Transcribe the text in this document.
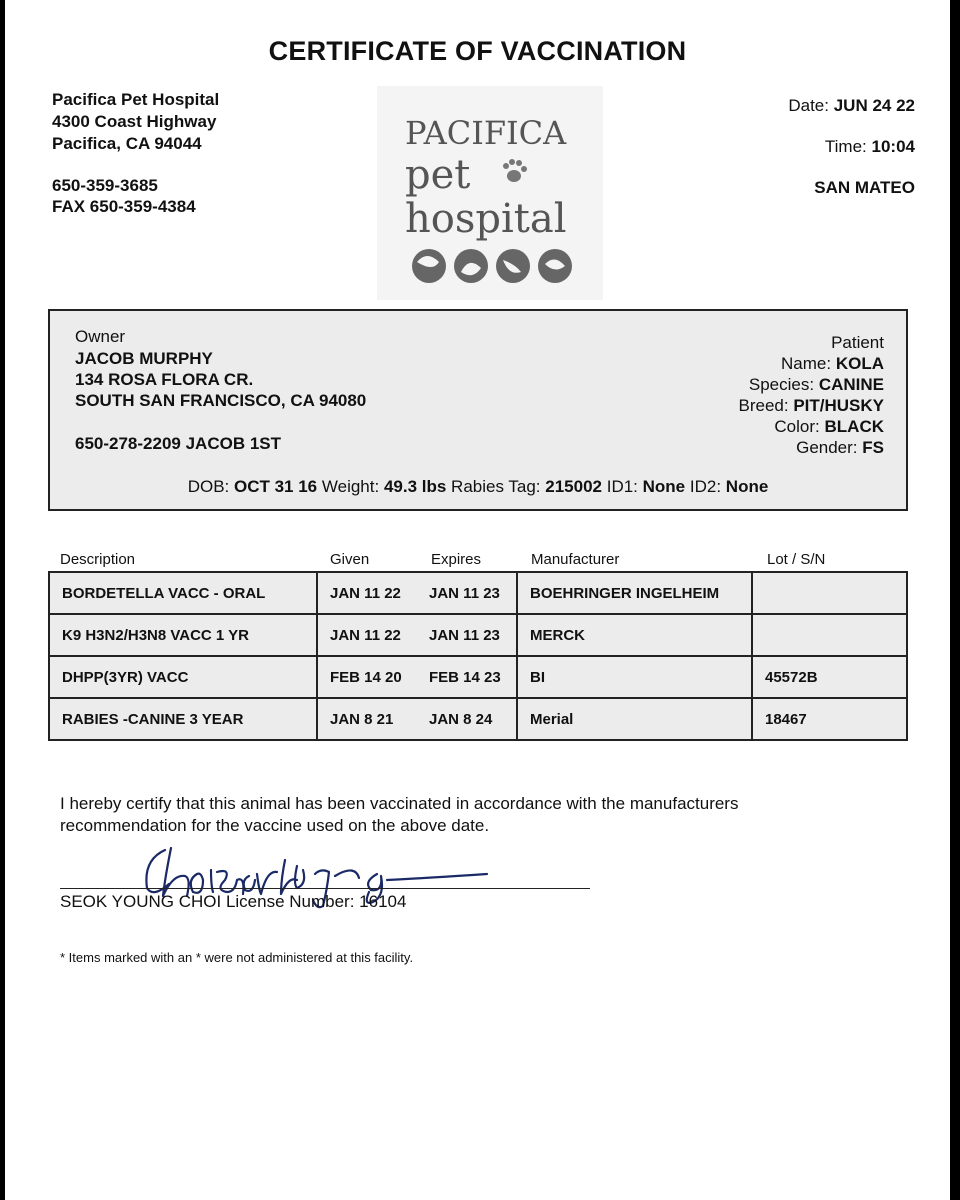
CERTIFICATE OF VACCINATION
Pacifica Pet Hospital
4300 Coast Highway
Pacifica, CA 94044
650-359-3685
FAX 650-359-4384
PACIFICA
pet
hospital
Date: JUN 24 22
Time: 10:04
SAN MATEO
Owner
JACOB MURPHY
134 ROSA FLORA CR.
SOUTH SAN FRANCISCO, CA 94080
650-278-2209 JACOB 1ST
Patient
Name: KOLA
Species: CANINE
Breed: PIT/HUSKY
Color: BLACK
Gender: FS
DOB: OCT 31 16 Weight: 49.3 lbs Rabies Tag: 215002 ID1: None ID2: None
Description	Given	Expires	Manufacturer	Lot / S/N
BORDETELLA VACC - ORAL	JAN 11 22	JAN 11 23	BOEHRINGER INGELHEIM	
K9 H3N2/H3N8 VACC 1 YR	JAN 11 22	JAN 11 23	MERCK	
DHPP(3YR) VACC	FEB 14 20	FEB 14 23	BI	45572B
RABIES -CANINE 3 YEAR	JAN 8 21	JAN 8 24	Merial	18467
I hereby certify that this animal has been vaccinated in accordance with the manufacturers
recommendation for the vaccine used on the above date.
SEOK YOUNG CHOI License Number: 16104
* Items marked with an * were not administered at this facility.
